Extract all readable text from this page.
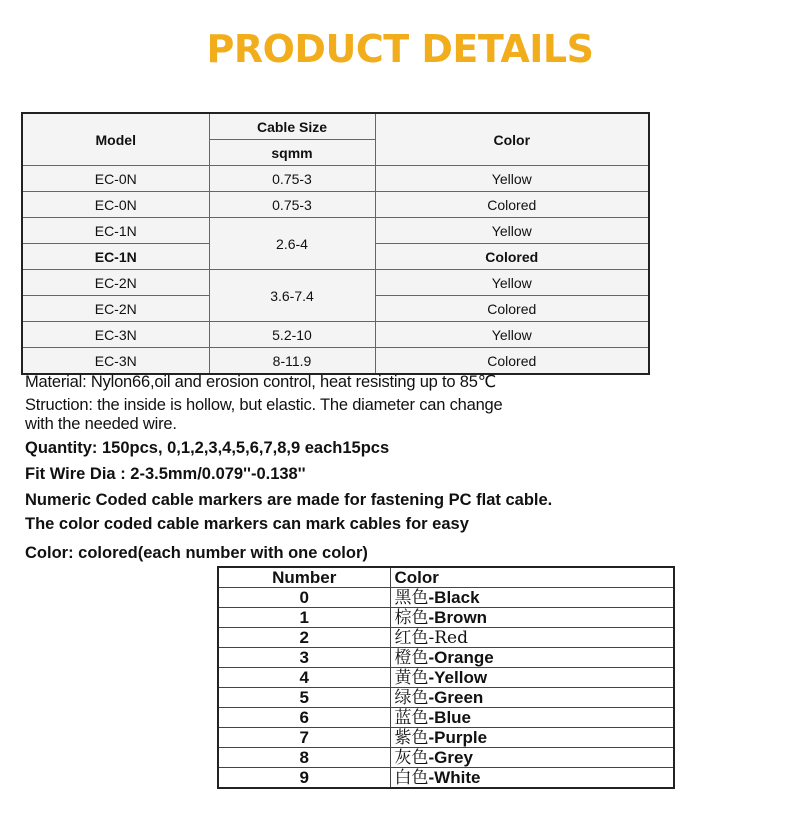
PRODUCT DETAILS
Model	Cable Size	Color
	sqmm	
EC-0N	0.75-3	Yellow
EC-0N	0.75-3	Colored
EC-1N	2.6-4	Yellow
EC-1N		Colored
EC-2N	3.6-7.4	Yellow
EC-2N		Colored
EC-3N	5.2-10	Yellow
EC-3N	8-11.9	Colored
Material: Nylon66,oil and erosion control, heat resisting up to 85℃
Struction: the inside is hollow, but elastic. The diameter can change
with the needed wire.
Quantity: 150pcs, 0,1,2,3,4,5,6,7,8,9 each15pcs
Fit Wire Dia : 2-3.5mm/0.079''-0.138''
Numeric Coded cable markers are made for fastening PC flat cable.
The color coded cable markers can mark cables for easy
Color: colored(each number with one color)
Number	Color
0	黑色-Black
1	棕色-Brown
2	红色-Red
3	橙色-Orange
4	黄色-Yellow
5	绿色-Green
6	蓝色-Blue
7	紫色-Purple
8	灰色-Grey
9	白色-White
